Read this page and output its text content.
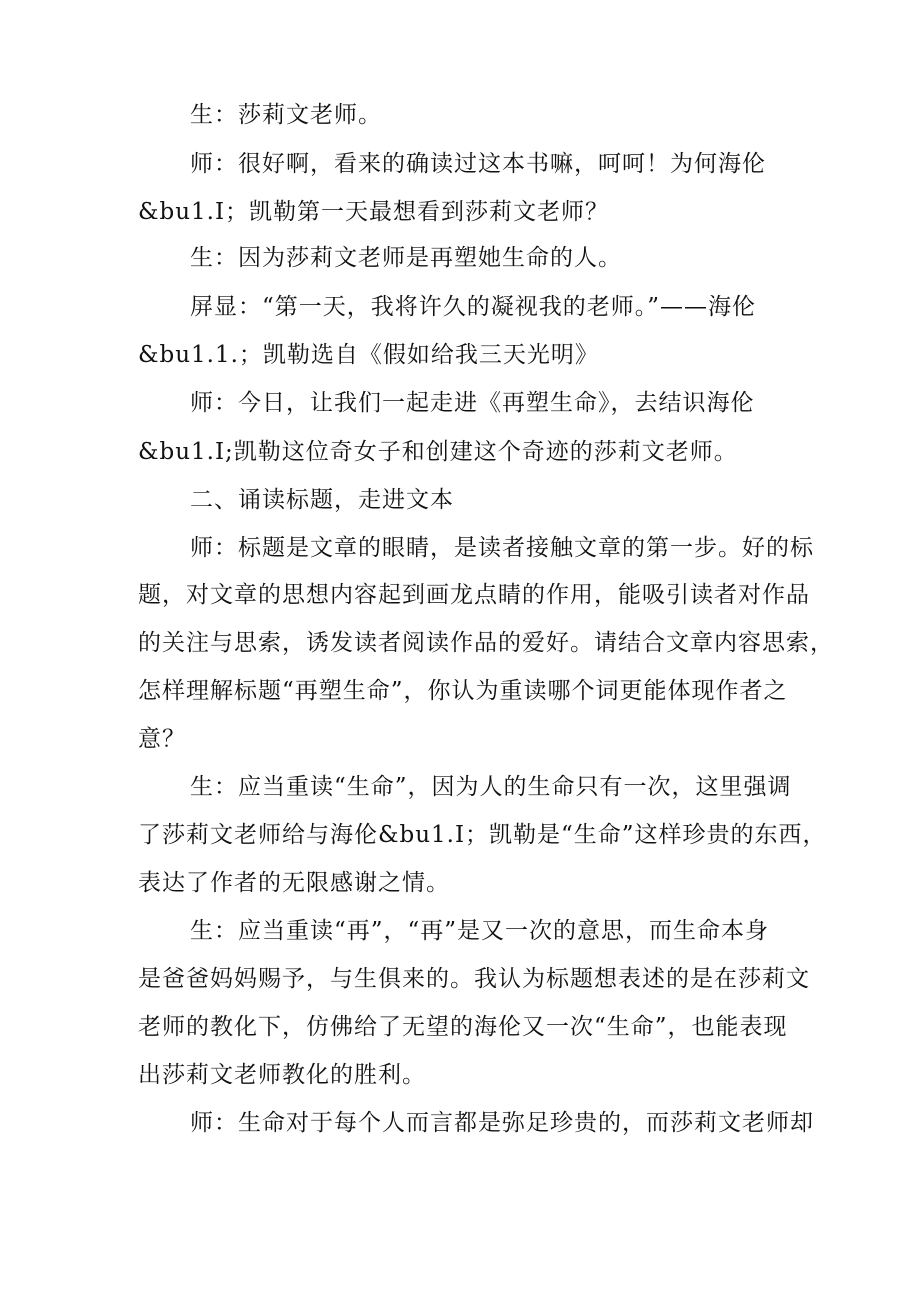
生：莎莉文老师。
师：很好啊，看来的确读过这本书嘛，呵呵！为何海伦
&bu1.I；凯勒第一天最想看到莎莉文老师？
生：因为莎莉文老师是再塑她生命的人。
屏显：“第一天，我将许久的凝视我的老师。”——海伦
&bu1.1.；凯勒选自《假如给我三天光明》
师：今日，让我们一起走进《再塑生命》，去结识海伦
&bu1.I;凯勒这位奇女子和创建这个奇迹的莎莉文老师。
二、诵读标题，走进文本
师：标题是文章的眼睛，是读者接触文章的第一步。好的标
题，对文章的思想内容起到画龙点睛的作用，能吸引读者对作品
的关注与思索，诱发读者阅读作品的爱好。请结合文章内容思索，
怎样理解标题“再塑生命”，你认为重读哪个词更能体现作者之
意？
生：应当重读“生命”，因为人的生命只有一次，这里强调
了莎莉文老师给与海伦&bu1.I；凯勒是“生命”这样珍贵的东西，
表达了作者的无限感谢之情。
生：应当重读“再”，“再”是又一次的意思，而生命本身
是爸爸妈妈赐予，与生俱来的。我认为标题想表述的是在莎莉文
老师的教化下，仿佛给了无望的海伦又一次“生命”，也能表现
出莎莉文老师教化的胜利。
师：生命对于每个人而言都是弥足珍贵的，而莎莉文老师却
